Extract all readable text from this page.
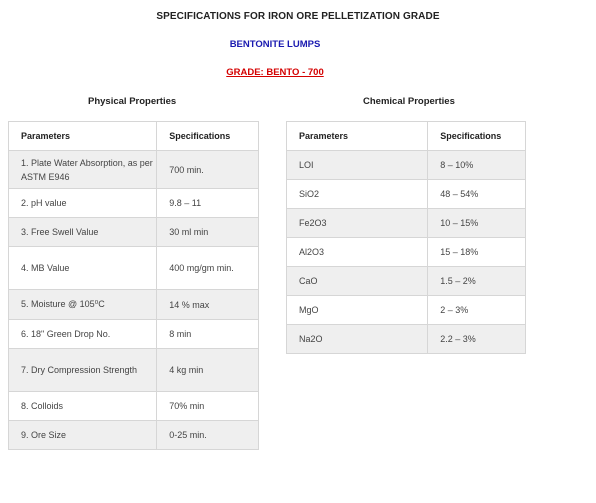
SPECIFICATIONS FOR IRON ORE PELLETIZATION GRADE
BENTONITE LUMPS
GRADE: BENTO - 700
Physical Properties	Chemical Properties
Parameters	Specifications
1. Plate Water Absorption, as per ASTM E946	700 min.
2. pH value	9.8 – 11
3. Free Swell Value	30 ml min
4. MB Value	400 mg/gm min.
5. Moisture @ 105⁰C	14 % max
6. 18" Green Drop No.	8 min
7. Dry Compression Strength	4 kg min
8. Colloids	70% min
9. Ore Size	0-25 min.
Parameters	Specifications
LOI	8 – 10%
SiO2	48 – 54%
Fe2O3	10 – 15%
Al2O3	15 – 18%
CaO	1.5 – 2%
MgO	2 – 3%
Na2O	2.2 – 3%
